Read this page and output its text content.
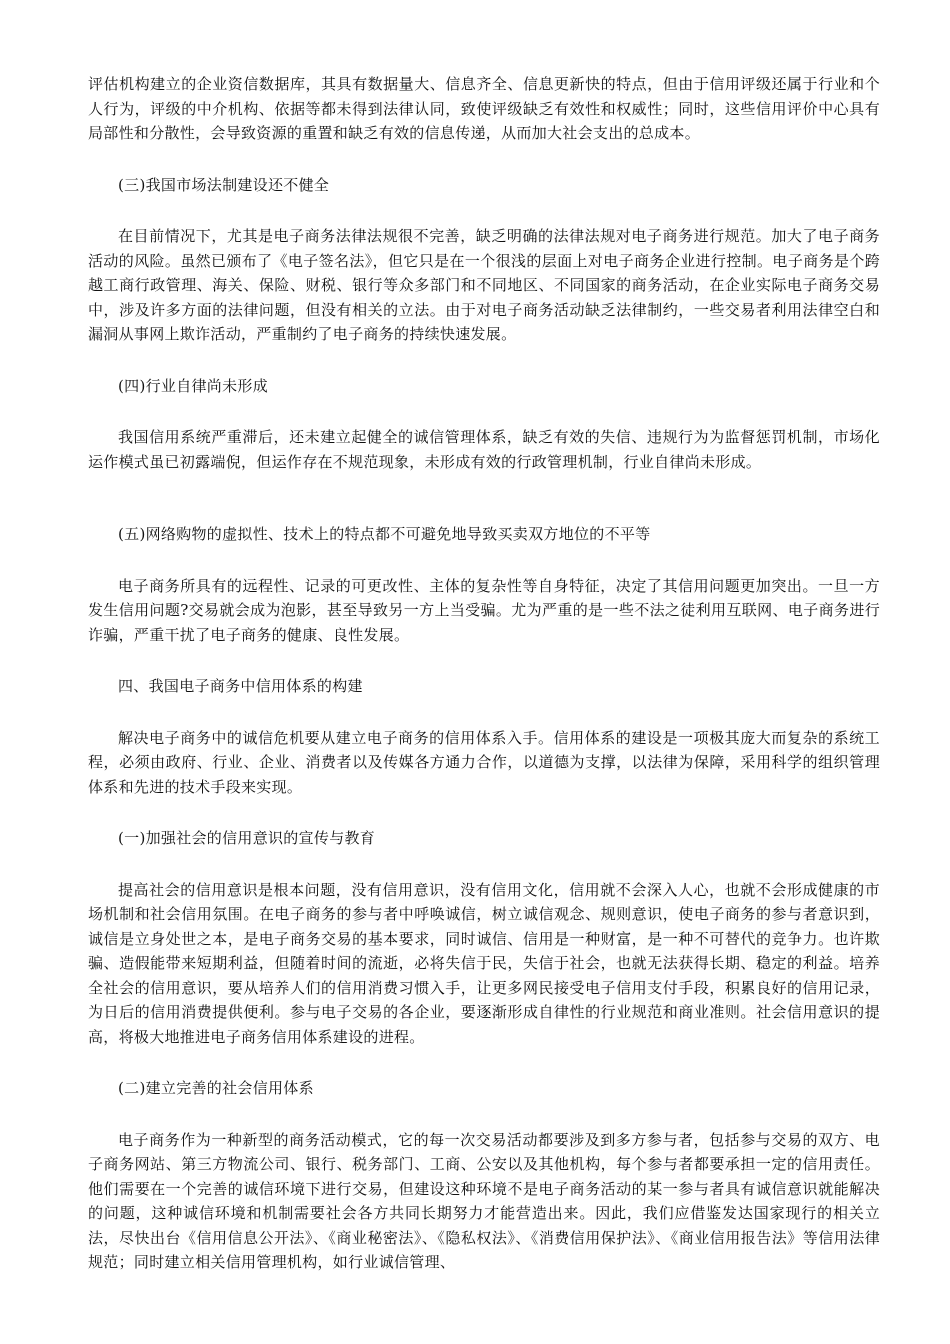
评估机构建立的企业资信数据库，其具有数据量大、信息齐全、信息更新快的特点，但由于信用评级还属于行业和个人行为，评级的中介机构、依据等都未得到法律认同，致使评级缺乏有效性和权威性；同时，这些信用评价中心具有局部性和分散性，会导致资源的重置和缺乏有效的信息传递，从而加大社会支出的总成本。

(三)我国市场法制建设还不健全

在目前情况下，尤其是电子商务法律法规很不完善，缺乏明确的法律法规对电子商务进行规范。加大了电子商务活动的风险。虽然已颁布了《电子签名法》，但它只是在一个很浅的层面上对电子商务企业进行控制。电子商务是个跨越工商行政管理、海关、保险、财税、银行等众多部门和不同地区、不同国家的商务活动，在企业实际电子商务交易中，涉及许多方面的法律问题，但没有相关的立法。由于对电子商务活动缺乏法律制约，一些交易者利用法律空白和漏洞从事网上欺诈活动，严重制约了电子商务的持续快速发展。

(四)行业自律尚未形成

我国信用系统严重滞后，还未建立起健全的诚信管理体系，缺乏有效的失信、违规行为为监督惩罚机制，市场化运作模式虽已初露端倪，但运作存在不规范现象，未形成有效的行政管理机制，行业自律尚未形成。

(五)网络购物的虚拟性、技术上的特点都不可避免地导致买卖双方地位的不平等

电子商务所具有的远程性、记录的可更改性、主体的复杂性等自身特征，决定了其信用问题更加突出。一旦一方发生信用问题?交易就会成为泡影，甚至导致另一方上当受骗。尤为严重的是一些不法之徒利用互联网、电子商务进行诈骗，严重干扰了电子商务的健康、良性发展。

四、我国电子商务中信用体系的构建

解决电子商务中的诚信危机要从建立电子商务的信用体系入手。信用体系的建设是一项极其庞大而复杂的系统工程，必须由政府、行业、企业、消费者以及传媒各方通力合作，以道德为支撑，以法律为保障，采用科学的组织管理体系和先进的技术手段来实现。

(一)加强社会的信用意识的宣传与教育

提高社会的信用意识是根本问题，没有信用意识，没有信用文化，信用就不会深入人心，也就不会形成健康的市场机制和社会信用氛围。在电子商务的参与者中呼唤诚信，树立诚信观念、规则意识，使电子商务的参与者意识到，诚信是立身处世之本，是电子商务交易的基本要求，同时诚信、信用是一种财富，是一种不可替代的竞争力。也许欺骗、造假能带来短期利益，但随着时间的流逝，必将失信于民，失信于社会，也就无法获得长期、稳定的利益。培养全社会的信用意识，要从培养人们的信用消费习惯入手，让更多网民接受电子信用支付手段，积累良好的信用记录，为日后的信用消费提供便利。参与电子交易的各企业，要逐渐形成自律性的行业规范和商业准则。社会信用意识的提高，将极大地推进电子商务信用体系建设的进程。

(二)建立完善的社会信用体系

电子商务作为一种新型的商务活动模式，它的每一次交易活动都要涉及到多方参与者，包括参与交易的双方、电子商务网站、第三方物流公司、银行、税务部门、工商、公安以及其他机构，每个参与者都要承担一定的信用责任。他们需要在一个完善的诚信环境下进行交易，但建设这种环境不是电子商务活动的某一参与者具有诚信意识就能解决的问题，这种诚信环境和机制需要社会各方共同长期努力才能营造出来。因此，我们应借鉴发达国家现行的相关立法，尽快出台《信用信息公开法》、《商业秘密法》、《隐私权法》、《消费信用保护法》、《商业信用报告法》等信用法律规范；同时建立相关信用管理机构，如行业诚信管理、
